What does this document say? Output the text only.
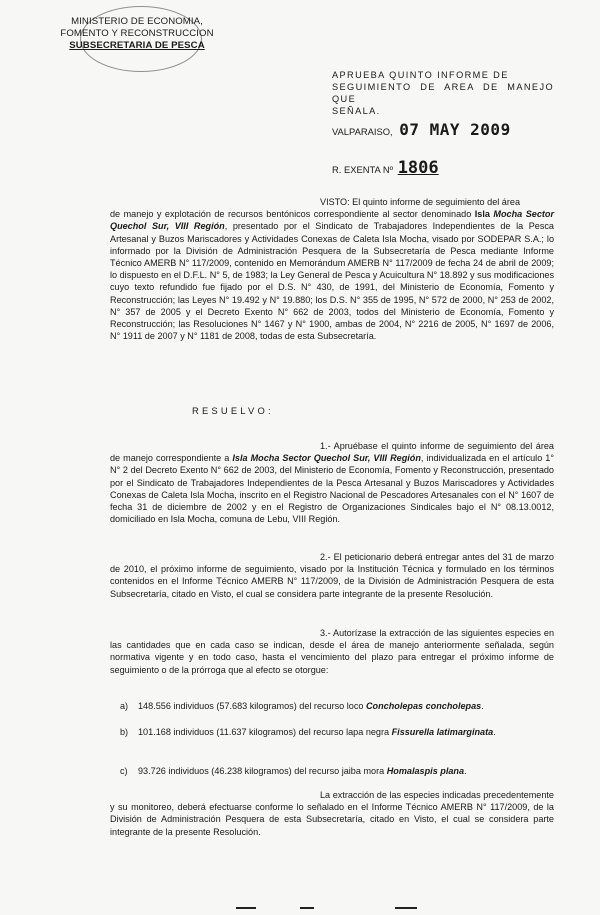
MINISTERIO DE ECONOMIA,
FOMENTO Y RECONSTRUCCION
SUBSECRETARIA DE PESCA
APRUEBA QUINTO INFORME DE
SEGUIMIENTO DE AREA DE MANEJO QUE
SEÑALA.
VALPARAISO, 07 MAY 2009
R. EXENTA Nº 1806
VISTO: El quinto informe de seguimiento del área
de manejo y explotación de recursos bentónicos correspondiente al sector denominado Isla Mocha Sector Quechol Sur, VIII Región, presentado por el Sindicato de Trabajadores Independientes de la Pesca Artesanal y Buzos Mariscadores y Actividades Conexas de Caleta Isla Mocha, visado por SODEPAR S.A.; lo informado por la División de Administración Pesquera de la Subsecretaría de Pesca mediante Informe Técnico AMERB N° 117/2009, contenido en Memorándum AMERB N° 117/2009 de fecha 24 de abril de 2009; lo dispuesto en el D.F.L. N° 5, de 1983; la Ley General de Pesca y Acuicultura N° 18.892 y sus modificaciones cuyo texto refundido fue fijado por el D.S. N° 430, de 1991, del Ministerio de Economía, Fomento y Reconstrucción; las Leyes N° 19.492 y N° 19.880; los D.S. N° 355 de 1995, N° 572 de 2000, N° 253 de 2002, N° 357 de 2005 y el Decreto Exento N° 662 de 2003, todos del Ministerio de Economía, Fomento y Reconstrucción; las Resoluciones N° 1467 y N° 1900, ambas de 2004, N° 2216 de 2005, N° 1697 de 2006, N° 1911 de 2007 y N° 1181 de 2008, todas de esta Subsecretaría.
RESUELVO:
1.- Apruébase el quinto informe de seguimiento del área de manejo correspondiente a Isla Mocha Sector Quechol Sur, VIII Región, individualizada en el artículo 1° N° 2 del Decreto Exento N° 662 de 2003, del Ministerio de Economía, Fomento y Reconstrucción, presentado por el Sindicato de Trabajadores Independientes de la Pesca Artesanal y Buzos Mariscadores y Actividades Conexas de Caleta Isla Mocha, inscrito en el Registro Nacional de Pescadores Artesanales con el N° 1607 de fecha 31 de diciembre de 2002 y en el Registro de Organizaciones Sindicales bajo el N° 08.13.0012, domiciliado en Isla Mocha, comuna de Lebu, VIII Región.
2.- El peticionario deberá entregar antes del 31 de marzo de 2010, el próximo informe de seguimiento, visado por la Institución Técnica y formulado en los términos contenidos en el Informe Técnico AMERB N° 117/2009, de la División de Administración Pesquera de esta Subsecretaría, citado en Visto, el cual se considera parte integrante de la presente Resolución.
3.- Autorízase la extracción de las siguientes especies en las cantidades que en cada caso se indican, desde el área de manejo anteriormente señalada, según normativa vigente y en todo caso, hasta el vencimiento del plazo para entregar el próximo informe de seguimiento o de la prórroga que al efecto se otorgue:
a) 148.556 individuos (57.683 kilogramos) del recurso loco Concholepas concholepas.
b) 101.168 individuos (11.637 kilogramos) del recurso lapa negra Fissurella latimarginata.
c) 93.726 individuos (46.238 kilogramos) del recurso jaiba mora Homalaspis plana.
La extracción de las especies indicadas precedentemente y su monitoreo, deberá efectuarse conforme lo señalado en el Informe Técnico AMERB N° 117/2009, de la División de Administración Pesquera de esta Subsecretaría, citado en Visto, el cual se considera parte integrante de la presente Resolución.
